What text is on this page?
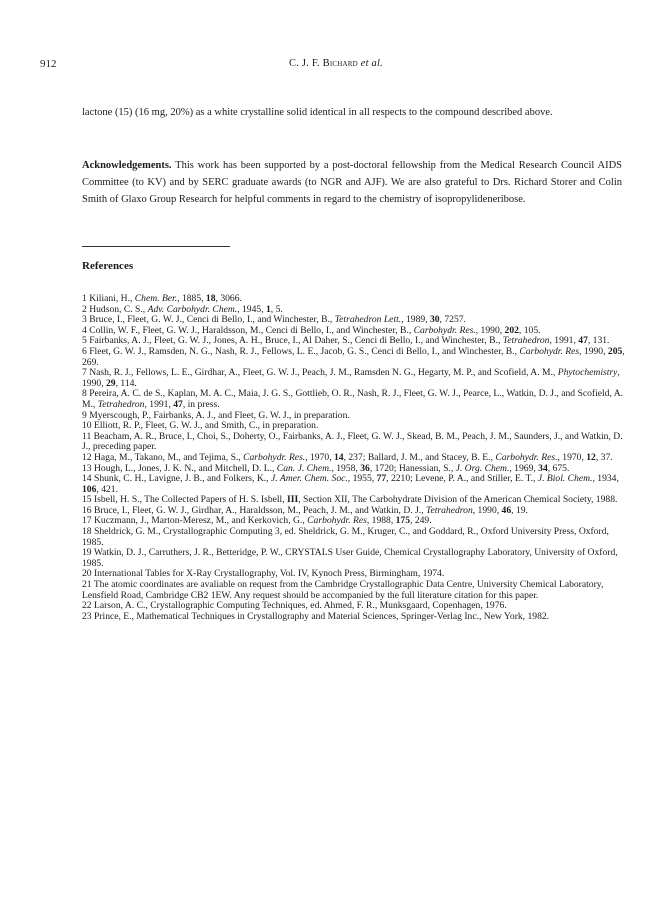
912	C. J. F. Bichard et al.

lactone (15) (16 mg, 20%) as a white crystalline solid identical in all respects to the compound described above.

Acknowledgements. This work has been supported by a post-doctoral fellowship from the Medical Research Council AIDS Committee (to KV) and by SERC graduate awards (to NGR and AJF). We are also grateful to Drs. Richard Storer and Colin Smith of Glaxo Group Research for helpful comments in regard to the chemistry of isopropylideneribose.

References
1 Kiliani, H., Chem. Ber., 1885, 18, 3066.
2 Hudson, C. S., Adv. Carbohydr. Chem., 1945, 1, 5.
3 Bruce, I., Fleet, G. W. J., Cenci di Bello, I., and Winchester, B., Tetrahedron Lett., 1989, 30, 7257.
4 Collin, W. F., Fleet, G. W. J., Haraldsson, M., Cenci di Bello, I., and Winchester, B., Carbohydr. Res., 1990, 202, 105.
5 Fairbanks, A. J., Fleet, G. W. J., Jones, A. H., Bruce, I., Al Daher, S., Cenci di Bello, I., and Winchester, B., Tetrahedron, 1991, 47, 131.
6 Fleet, G. W. J., Ramsden, N. G., Nash, R. J., Fellows, L. E., Jacob, G. S., Cenci di Bello, I., and Winchester, B., Carbohydr. Res, 1990, 205, 269.
7 Nash, R. J., Fellows, L. E., Girdhar, A., Fleet, G. W. J., Peach, J. M., Ramsden N. G., Hegarty, M. P., and Scofield, A. M., Phytochemistry, 1990, 29, 114.
8 Pereira, A. C. de S., Kaplan, M. A. C., Maia, J. G. S., Gottlieb, O. R., Nash, R. J., Fleet, G. W. J., Pearce, L., Watkin, D. J., and Scofield, A. M., Tetrahedron, 1991, 47, in press.
9 Myerscough, P., Fairbanks, A. J., and Fleet, G. W. J., in preparation.
10 Elliott, R. P., Fleet, G. W. J., and Smith, C., in preparation.
11 Beacham, A. R., Bruce, I., Choi, S., Doherty, O., Fairbanks, A. J., Fleet, G. W. J., Skead, B. M., Peach, J. M., Saunders, J., and Watkin, D. J., preceding paper.
12 Haga, M., Takano, M., and Tejima, S., Carbohydr. Res., 1970, 14, 237; Ballard, J. M., and Stacey, B. E., Carbohydr. Res., 1970, 12, 37.
13 Hough, L., Jones, J. K. N., and Mitchell, D. L., Can. J. Chem., 1958, 36, 1720; Hanessian, S., J. Org. Chem., 1969, 34, 675.
14 Shunk, C. H., Lavigne, J. B., and Folkers, K., J. Amer. Chem. Soc., 1955, 77, 2210; Levene, P. A., and Stiller, E. T., J. Biol. Chem., 1934, 106, 421.
15 Isbell, H. S., The Collected Papers of H. S. Isbell, III, Section XII, The Carbohydrate Division of the American Chemical Society, 1988.
16 Bruce, I., Fleet, G. W. J., Girdhar, A., Haraldsson, M., Peach, J. M., and Watkin, D. J., Tetrahedron, 1990, 46, 19.
17 Kuczmann, J., Marton-Meresz, M., and Kerkovich, G., Carbohydr. Res, 1988, 175, 249.
18 Sheldrick, G. M., Crystallographic Computing 3, ed. Sheldrick, G. M., Kruger, C., and Goddard, R., Oxford University Press, Oxford, 1985.
19 Watkin, D. J., Carruthers, J. R., Betteridge, P. W., CRYSTALS User Guide, Chemical Crystallography Laboratory, University of Oxford, 1985.
20 International Tables for X-Ray Crystallography, Vol. IV, Kynoch Press, Birmingham, 1974.
21 The atomic coordinates are avaliable on request from the Cambridge Crystallographic Data Centre, University Chemical Laboratory, Lensfield Road, Cambridge CB2 1EW. Any request should be accompanied by the full literature citation for this paper.
22 Larson, A. C., Crystallographic Computing Techniques, ed. Ahmed, F. R., Munksgaard, Copenhagen, 1976.
23 Prince, E., Mathematical Techniques in Crystallography and Material Sciences, Springer-Verlag Inc., New York, 1982.
